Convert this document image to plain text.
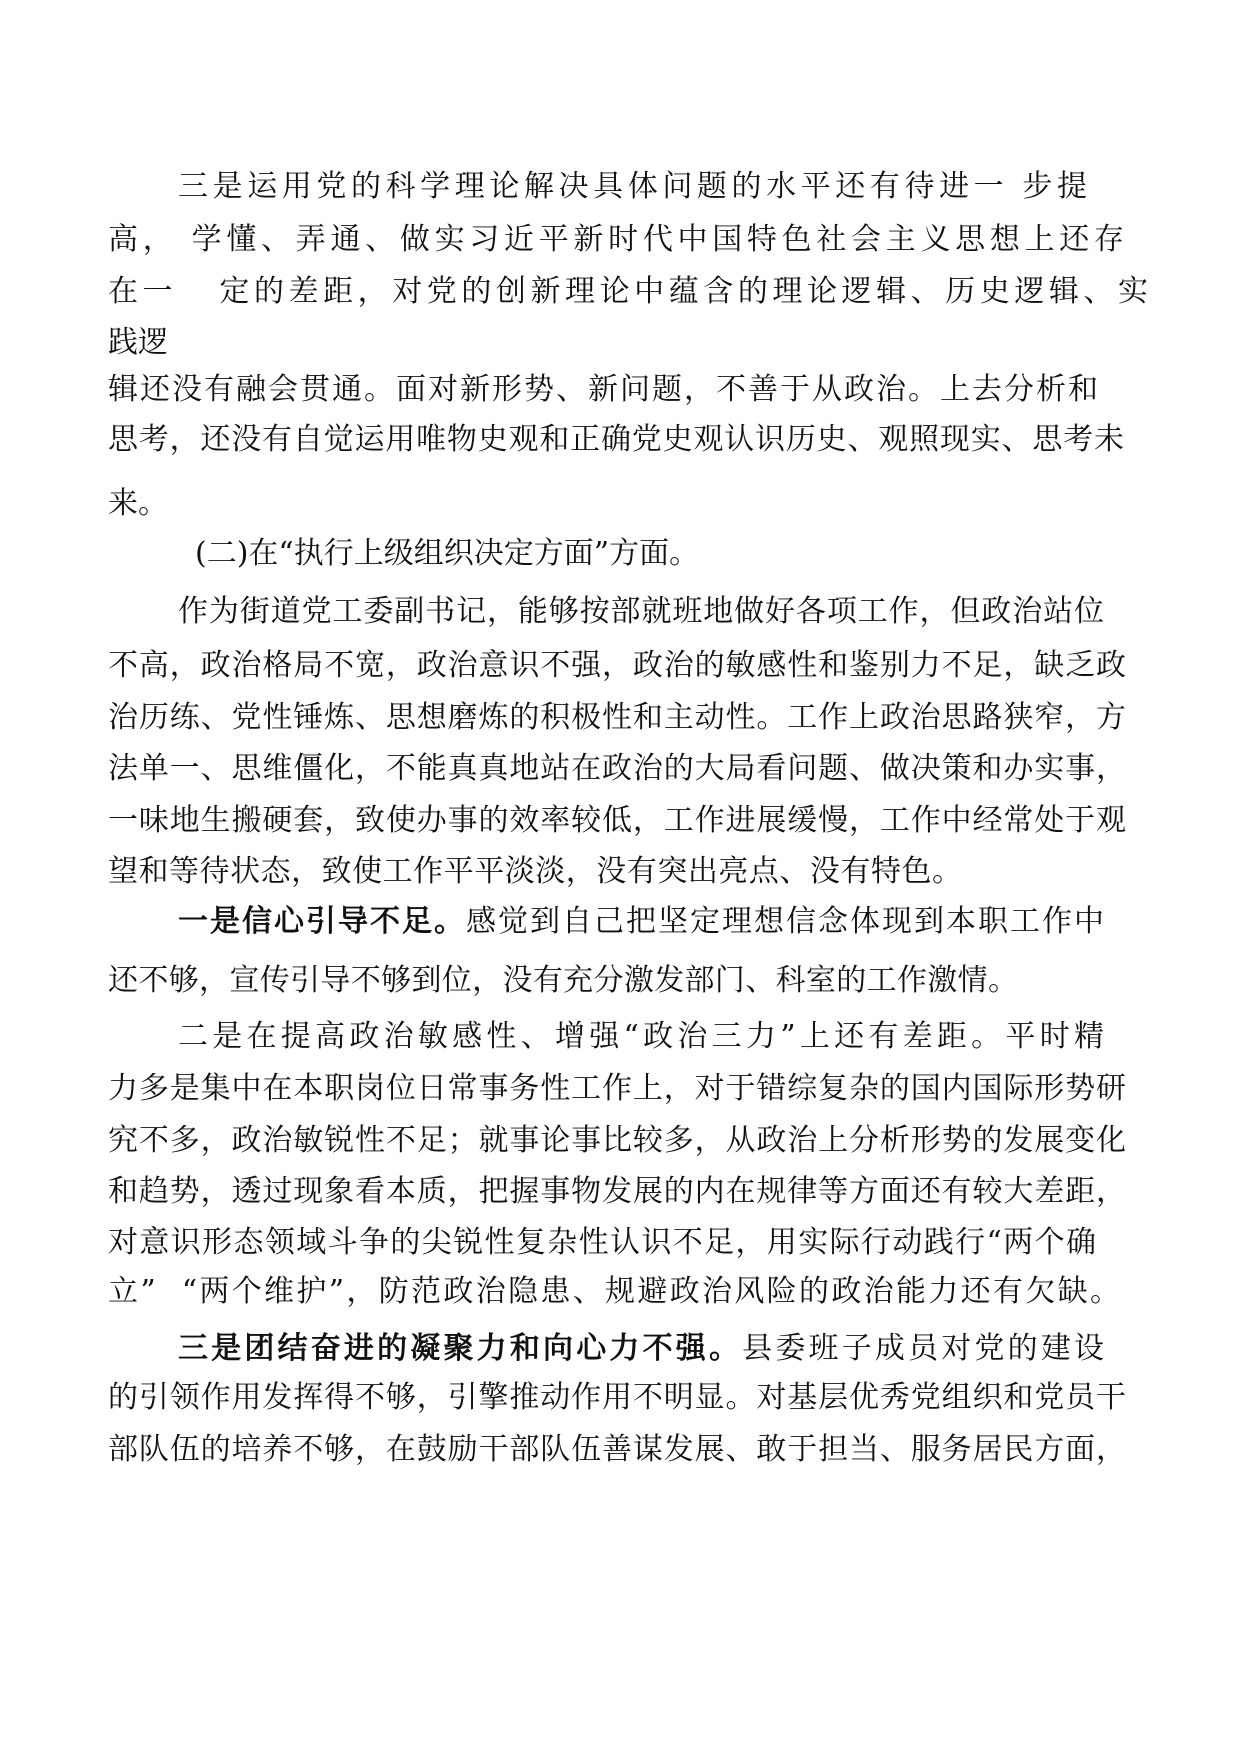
三是运用党的科学理论解决具体问题的水平还有待进一 步提
高， 学懂、弄通、做实习近平新时代中国特色社会主义思想上还存
在一   定的差距，对党的创新理论中蕴含的理论逻辑、历史逻辑、实
践逻
辑还没有融会贯通。面对新形势、新问题，不善于从政治。上去分析和
思考，还没有自觉运用唯物史观和正确党史观认识历史、观照现实、思考未
来。
(二)在“执行上级组织决定方面”方面。
作为街道党工委副书记，能够按部就班地做好各项工作，但政治站位
不高，政治格局不宽，政治意识不强，政治的敏感性和鉴别力不足，缺乏政
治历练、党性锤炼、思想磨炼的积极性和主动性。工作上政治思路狭窄，方
法单一、思维僵化，不能真真地站在政治的大局看问题、做决策和办实事，
一味地生搬硬套，致使办事的效率较低，工作进展缓慢，工作中经常处于观
望和等待状态，致使工作平平淡淡，没有突出亮点、没有特色。
一是信心引导不足。感觉到自己把坚定理想信念体现到本职工作中
还不够，宣传引导不够到位，没有充分激发部门、科室的工作激情。
二是在提高政治敏感性、增强“政治三力”上还有差距。平时精
力多是集中在本职岗位日常事务性工作上，对于错综复杂的国内国际形势研
究不多，政治敏锐性不足；就事论事比较多，从政治上分析形势的发展变化
和趋势，透过现象看本质，把握事物发展的内在规律等方面还有较大差距，
对意识形态领域斗争的尖锐性复杂性认识不足，用实际行动践行“两个确
立”  “两个维护”，防范政治隐患、规避政治风险的政治能力还有欠缺。
三是团结奋进的凝聚力和向心力不强。县委班子成员对党的建设
的引领作用发挥得不够，引擎推动作用不明显。对基层优秀党组织和党员干
部队伍的培养不够，在鼓励干部队伍善谋发展、敢于担当、服务居民方面，
